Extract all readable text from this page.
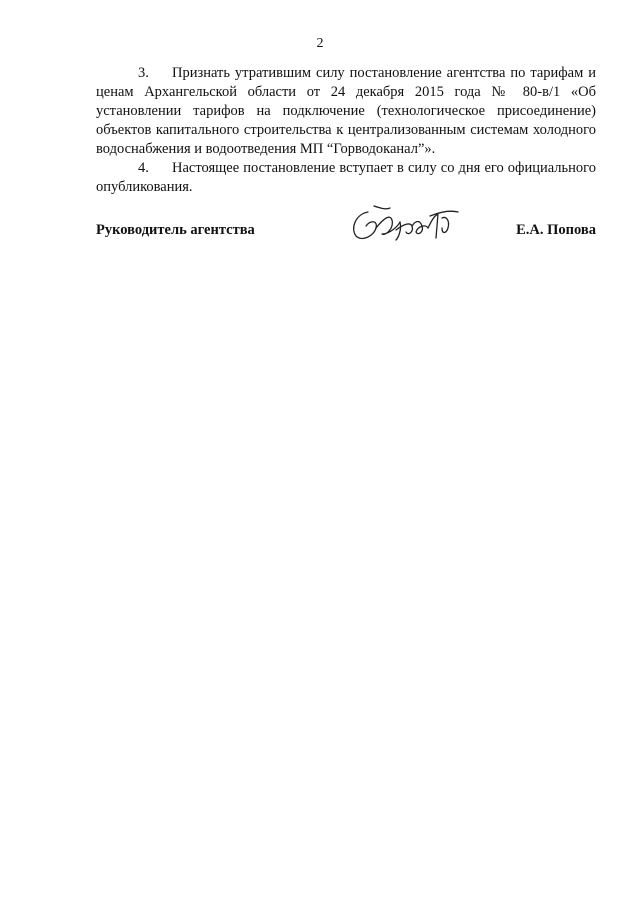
2

3. Признать утратившим силу постановление агентства по тарифам и ценам Архангельской области от 24 декабря 2015 года № 80-в/1 «Об установлении тарифов на подключение (технологическое присоединение) объектов капитального строительства к централизованным системам холодного водоснабжения и водоотведения МП “Горводоканал”».

4. Настоящее постановление вступает в силу со дня его официального опубликования.

Руководитель агентства	Е.А. Попова
